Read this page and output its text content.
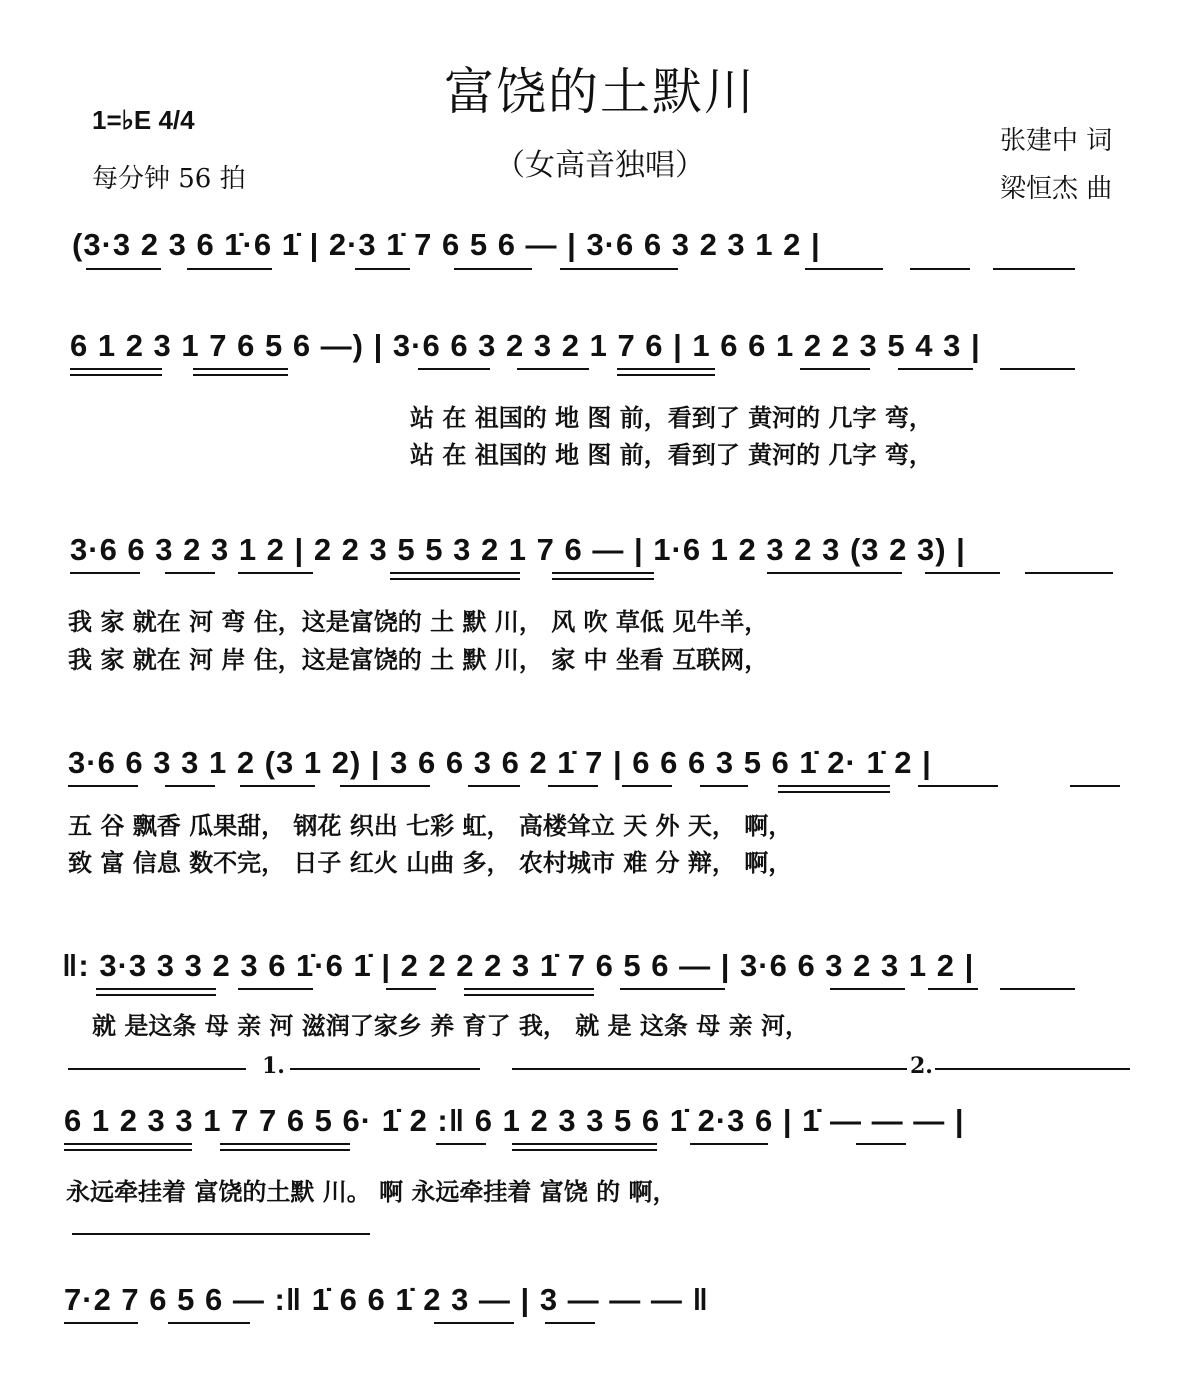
富饶的土默川
（女高音独唱）
1=♭E 4/4
每分钟 56 拍
张建中 词
梁恒杰 曲
(3·3 2 3 6 1̇·6 1̇ | 2·3 1̇ 7 6 5 6 — | 3·6 6 3 2 3 1 2 |
6 1 2 3 1 7 6 5 6 —) | 3·6 6 3 2 3 2 1 7 6 | 1 6 6 1 2 2 3 5 4 3 |
站 在 祖国的 地 图 前，看到了 黄河的 几字 弯，
站 在 祖国的 地 图 前，看到了 黄河的 几字 弯，
3·6 6 3 2 3 1 2 | 2 2 3 5 5 3 2 1 7 6 — | 1·6 1 2 3 2 3 (3 2 3) |
我 家 就在 河 弯 住，这是富饶的 土 默 川， 风 吹 草低 见牛羊，
我 家 就在 河 岸 住，这是富饶的 土 默 川， 家 中 坐看 互联网，
3·6 6 3 3 1 2 (3 1 2) | 3 6 6 3 6 2 1̇ 7 | 6 6 6 3 5 6 1̇ 2· 1̇ 2 |
五 谷 飘香 瓜果甜， 钢花 织出 七彩 虹， 高楼耸立 天 外 天， 啊，
致 富 信息 数不完， 日子 红火 山曲 多， 农村城市 难 分 辩， 啊，
‖: 3·3 3 3 2 3 6 1̇·6 1̇ | 2 2 2 2 3 1̇ 7 6 5 6 — | 3·6 6 3 2 3 1 2 |
就 是这条 母 亲 河 滋润了家乡 养 育了 我， 就 是 这条 母 亲 河，
1.	2.
6 1 2 3 3 1 7 7 6 5 6· 1̇ 2 :‖ 6 1 2 3 3 5 6 1̇ 2·3 6 | 1̇ — — — |
永远牵挂着 富饶的土默 川。 啊 永远牵挂着 富饶 的 啊，
7·2 7 6 5 6 — :‖ 1̇ 6 6 1̇ 2 3 — | 3 — — — ‖
